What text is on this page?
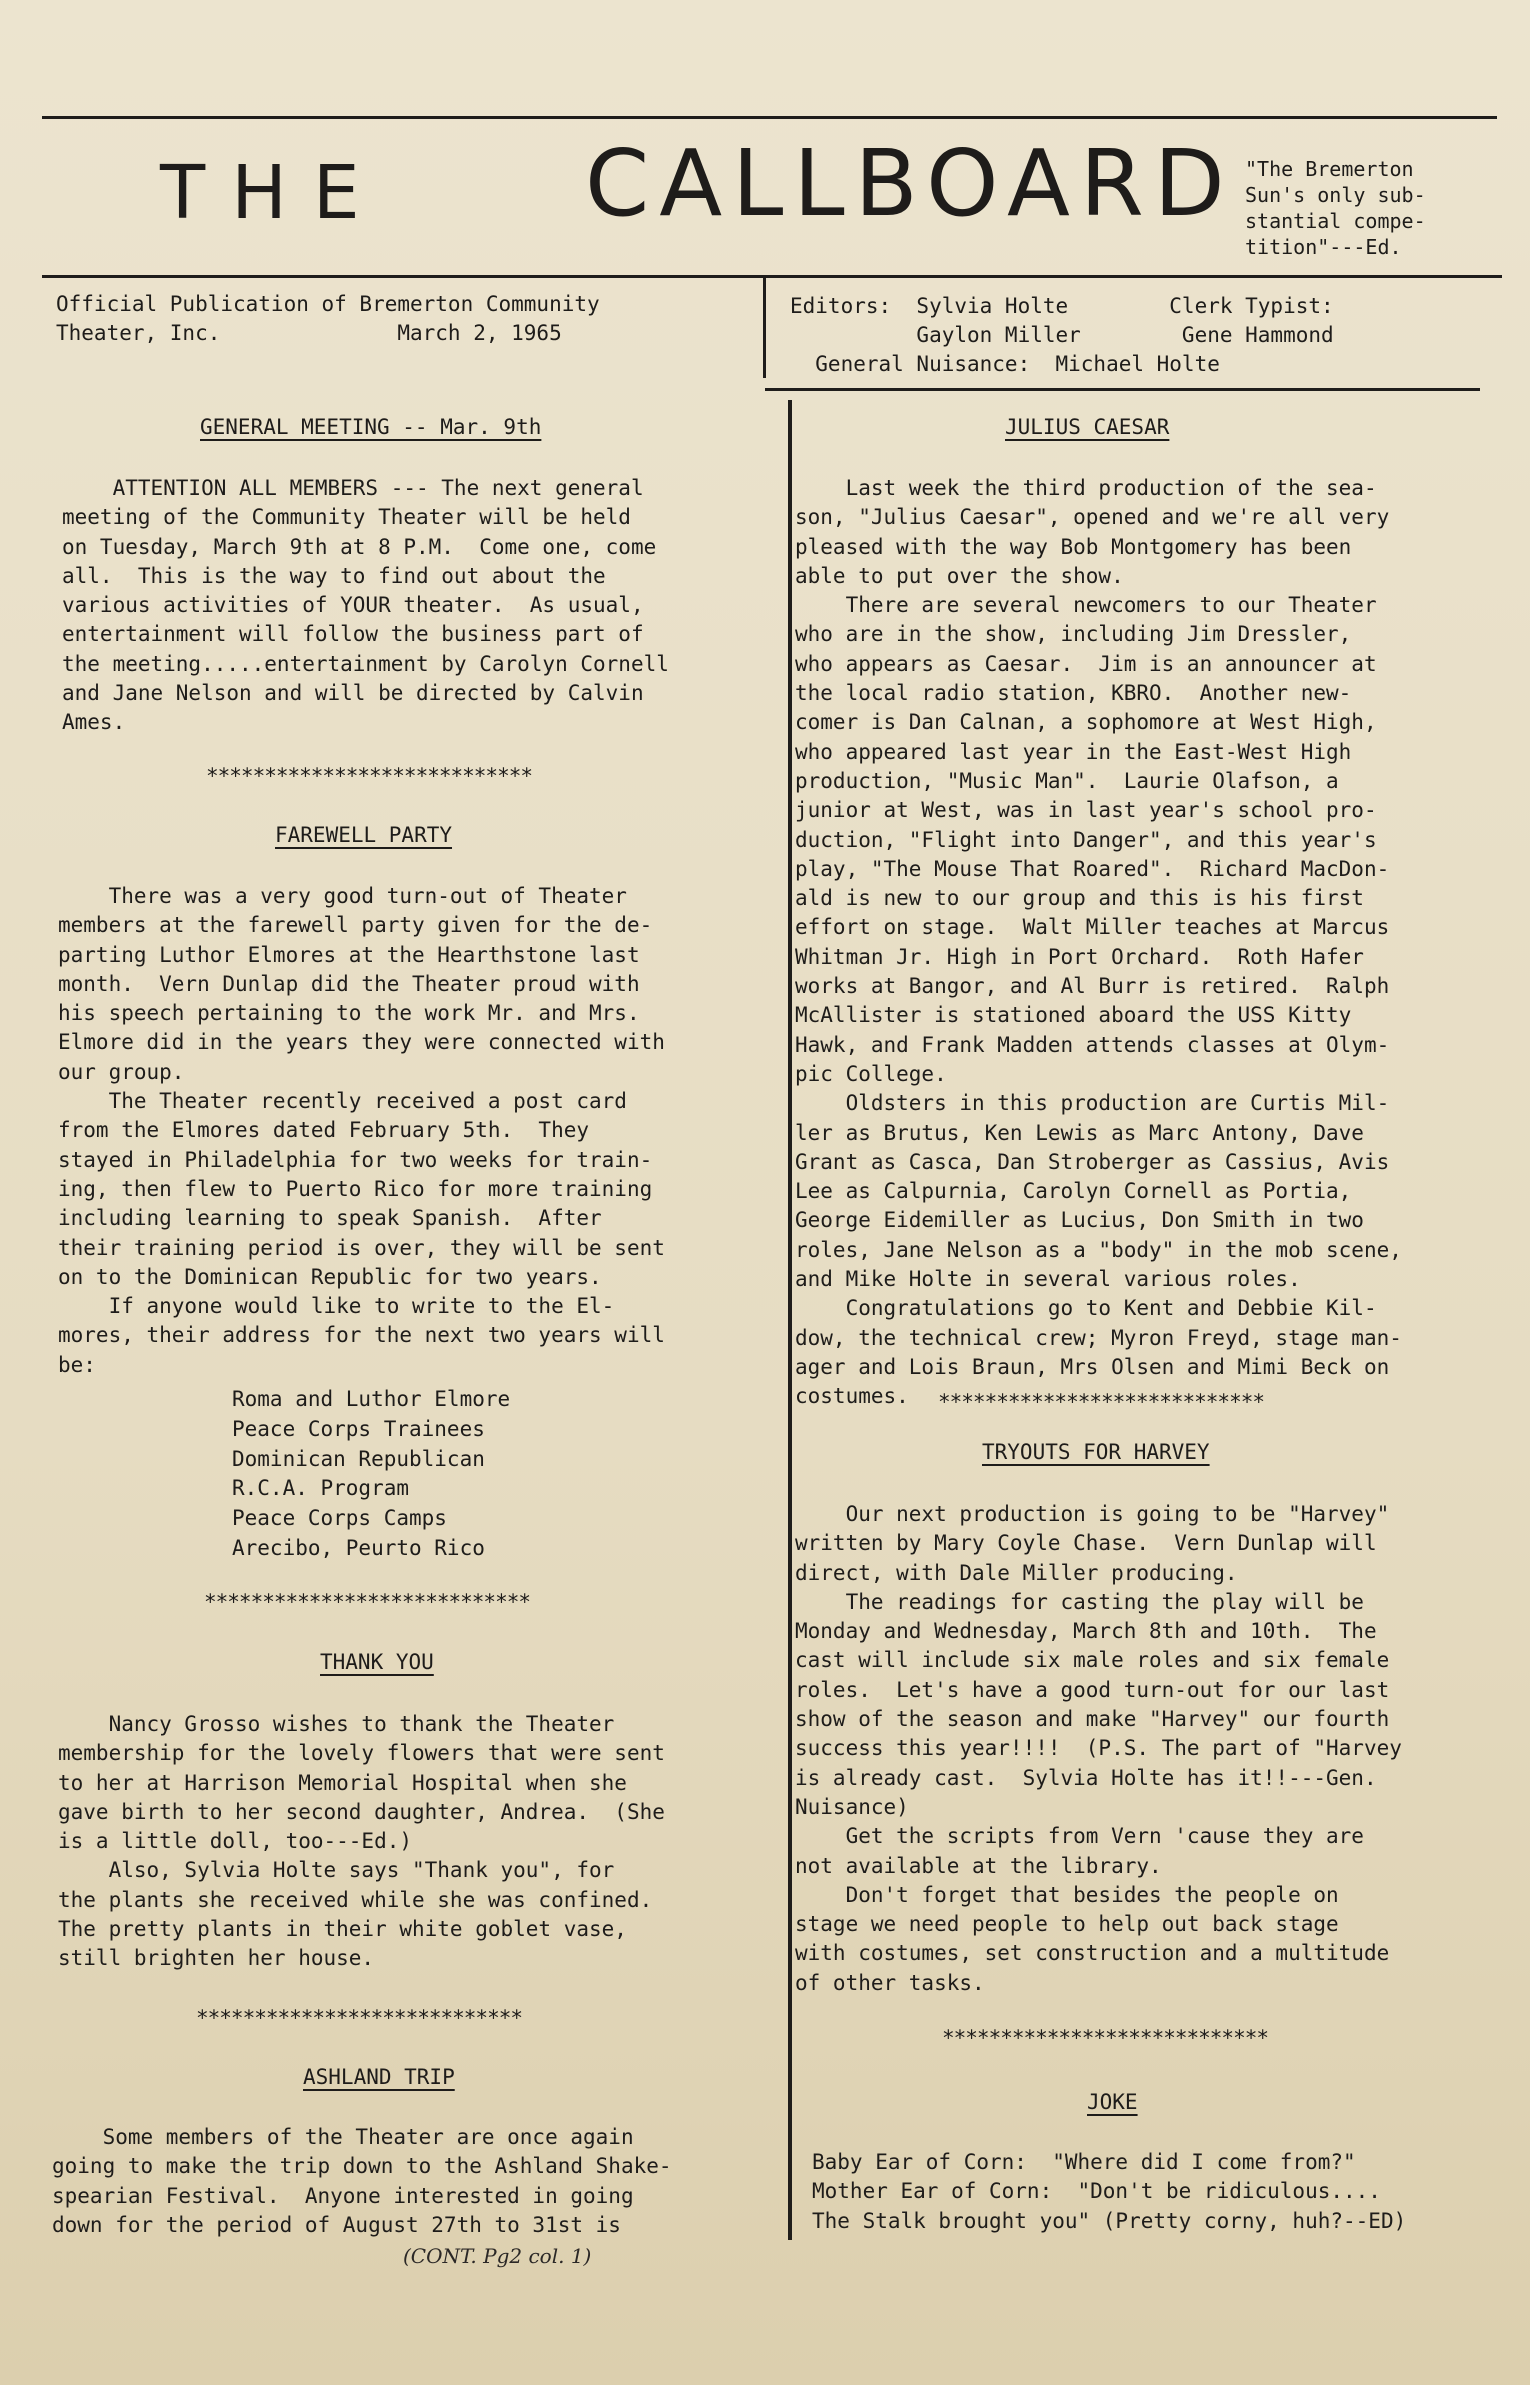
THE CALLBOARD "The Bremerton
Sun's only sub-
stantial compe-
tition"---Ed.
Official Publication of Bremerton Community
Theater, Inc.              March 2, 1965
Editors:  Sylvia Holte        Clerk Typist:
Gaylon Miller        Gene Hammond
General Nuisance:  Michael Holte
GENERAL MEETING -- Mar. 9th
ATTENTION ALL MEMBERS --- The next general
meeting of the Community Theater will be held
on Tuesday, March 9th at 8 P.M.  Come one, come
all.  This is the way to find out about the
various activities of YOUR theater.  As usual,
entertainment will follow the business part of
the meeting.....entertainment by Carolyn Cornell
and Jane Nelson and will be directed by Calvin
Ames.
****************************
FAREWELL PARTY
There was a very good turn-out of Theater
members at the farewell party given for the de-
parting Luthor Elmores at the Hearthstone last
month.  Vern Dunlap did the Theater proud with
his speech pertaining to the work Mr. and Mrs.
Elmore did in the years they were connected with
our group.
The Theater recently received a post card
from the Elmores dated February 5th.  They
stayed in Philadelphia for two weeks for train-
ing, then flew to Puerto Rico for more training
including learning to speak Spanish.  After
their training period is over, they will be sent
on to the Dominican Republic for two years.
If anyone would like to write to the El-
mores, their address for the next two years will
be:
Roma and Luthor Elmore
Peace Corps Trainees
Dominican Republican
R.C.A. Program
Peace Corps Camps
Arecibo, Peurto Rico
****************************
THANK YOU
Nancy Grosso wishes to thank the Theater
membership for the lovely flowers that were sent
to her at Harrison Memorial Hospital when she
gave birth to her second daughter, Andrea.  (She
is a little doll, too---Ed.)
Also, Sylvia Holte says "Thank you", for
the plants she received while she was confined.
The pretty plants in their white goblet vase,
still brighten her house.
****************************
ASHLAND TRIP
Some members of the Theater are once again
going to make the trip down to the Ashland Shake-
spearian Festival.  Anyone interested in going
down for the period of August 27th to 31st is
(CONT. Pg2 col. 1)
JULIUS CAESAR
Last week the third production of the sea-
son, "Julius Caesar", opened and we're all very
pleased with the way Bob Montgomery has been
able to put over the show.
There are several newcomers to our Theater
who are in the show, including Jim Dressler,
who appears as Caesar.  Jim is an announcer at
the local radio station, KBRO.  Another new-
comer is Dan Calnan, a sophomore at West High,
who appeared last year in the East-West High
production, "Music Man".  Laurie Olafson, a
junior at West, was in last year's school pro-
duction, "Flight into Danger", and this year's
play, "The Mouse That Roared".  Richard MacDon-
ald is new to our group and this is his first
effort on stage.  Walt Miller teaches at Marcus
Whitman Jr. High in Port Orchard.  Roth Hafer
works at Bangor, and Al Burr is retired.  Ralph
McAllister is stationed aboard the USS Kitty
Hawk, and Frank Madden attends classes at Olym-
pic College.
Oldsters in this production are Curtis Mil-
ler as Brutus, Ken Lewis as Marc Antony, Dave
Grant as Casca, Dan Stroberger as Cassius, Avis
Lee as Calpurnia, Carolyn Cornell as Portia,
George Eidemiller as Lucius, Don Smith in two
roles, Jane Nelson as a "body" in the mob scene,
and Mike Holte in several various roles.
Congratulations go to Kent and Debbie Kil-
dow, the technical crew; Myron Freyd, stage man-
ager and Lois Braun, Mrs Olsen and Mimi Beck on
costumes.	****************************
TRYOUTS FOR HARVEY
Our next production is going to be "Harvey"
written by Mary Coyle Chase.  Vern Dunlap will
direct, with Dale Miller producing.
The readings for casting the play will be
Monday and Wednesday, March 8th and 10th.  The
cast will include six male roles and six female
roles.  Let's have a good turn-out for our last
show of the season and make "Harvey" our fourth
success this year!!!!  (P.S. The part of "Harvey
is already cast.  Sylvia Holte has it!!---Gen.
Nuisance)
Get the scripts from Vern 'cause they are
not available at the library.
Don't forget that besides the people on
stage we need people to help out back stage
with costumes, set construction and a multitude
of other tasks.
****************************
JOKE
Baby Ear of Corn:  "Where did I come from?"
Mother Ear of Corn:  "Don't be ridiculous....
The Stalk brought you" (Pretty corny, huh?--ED)
